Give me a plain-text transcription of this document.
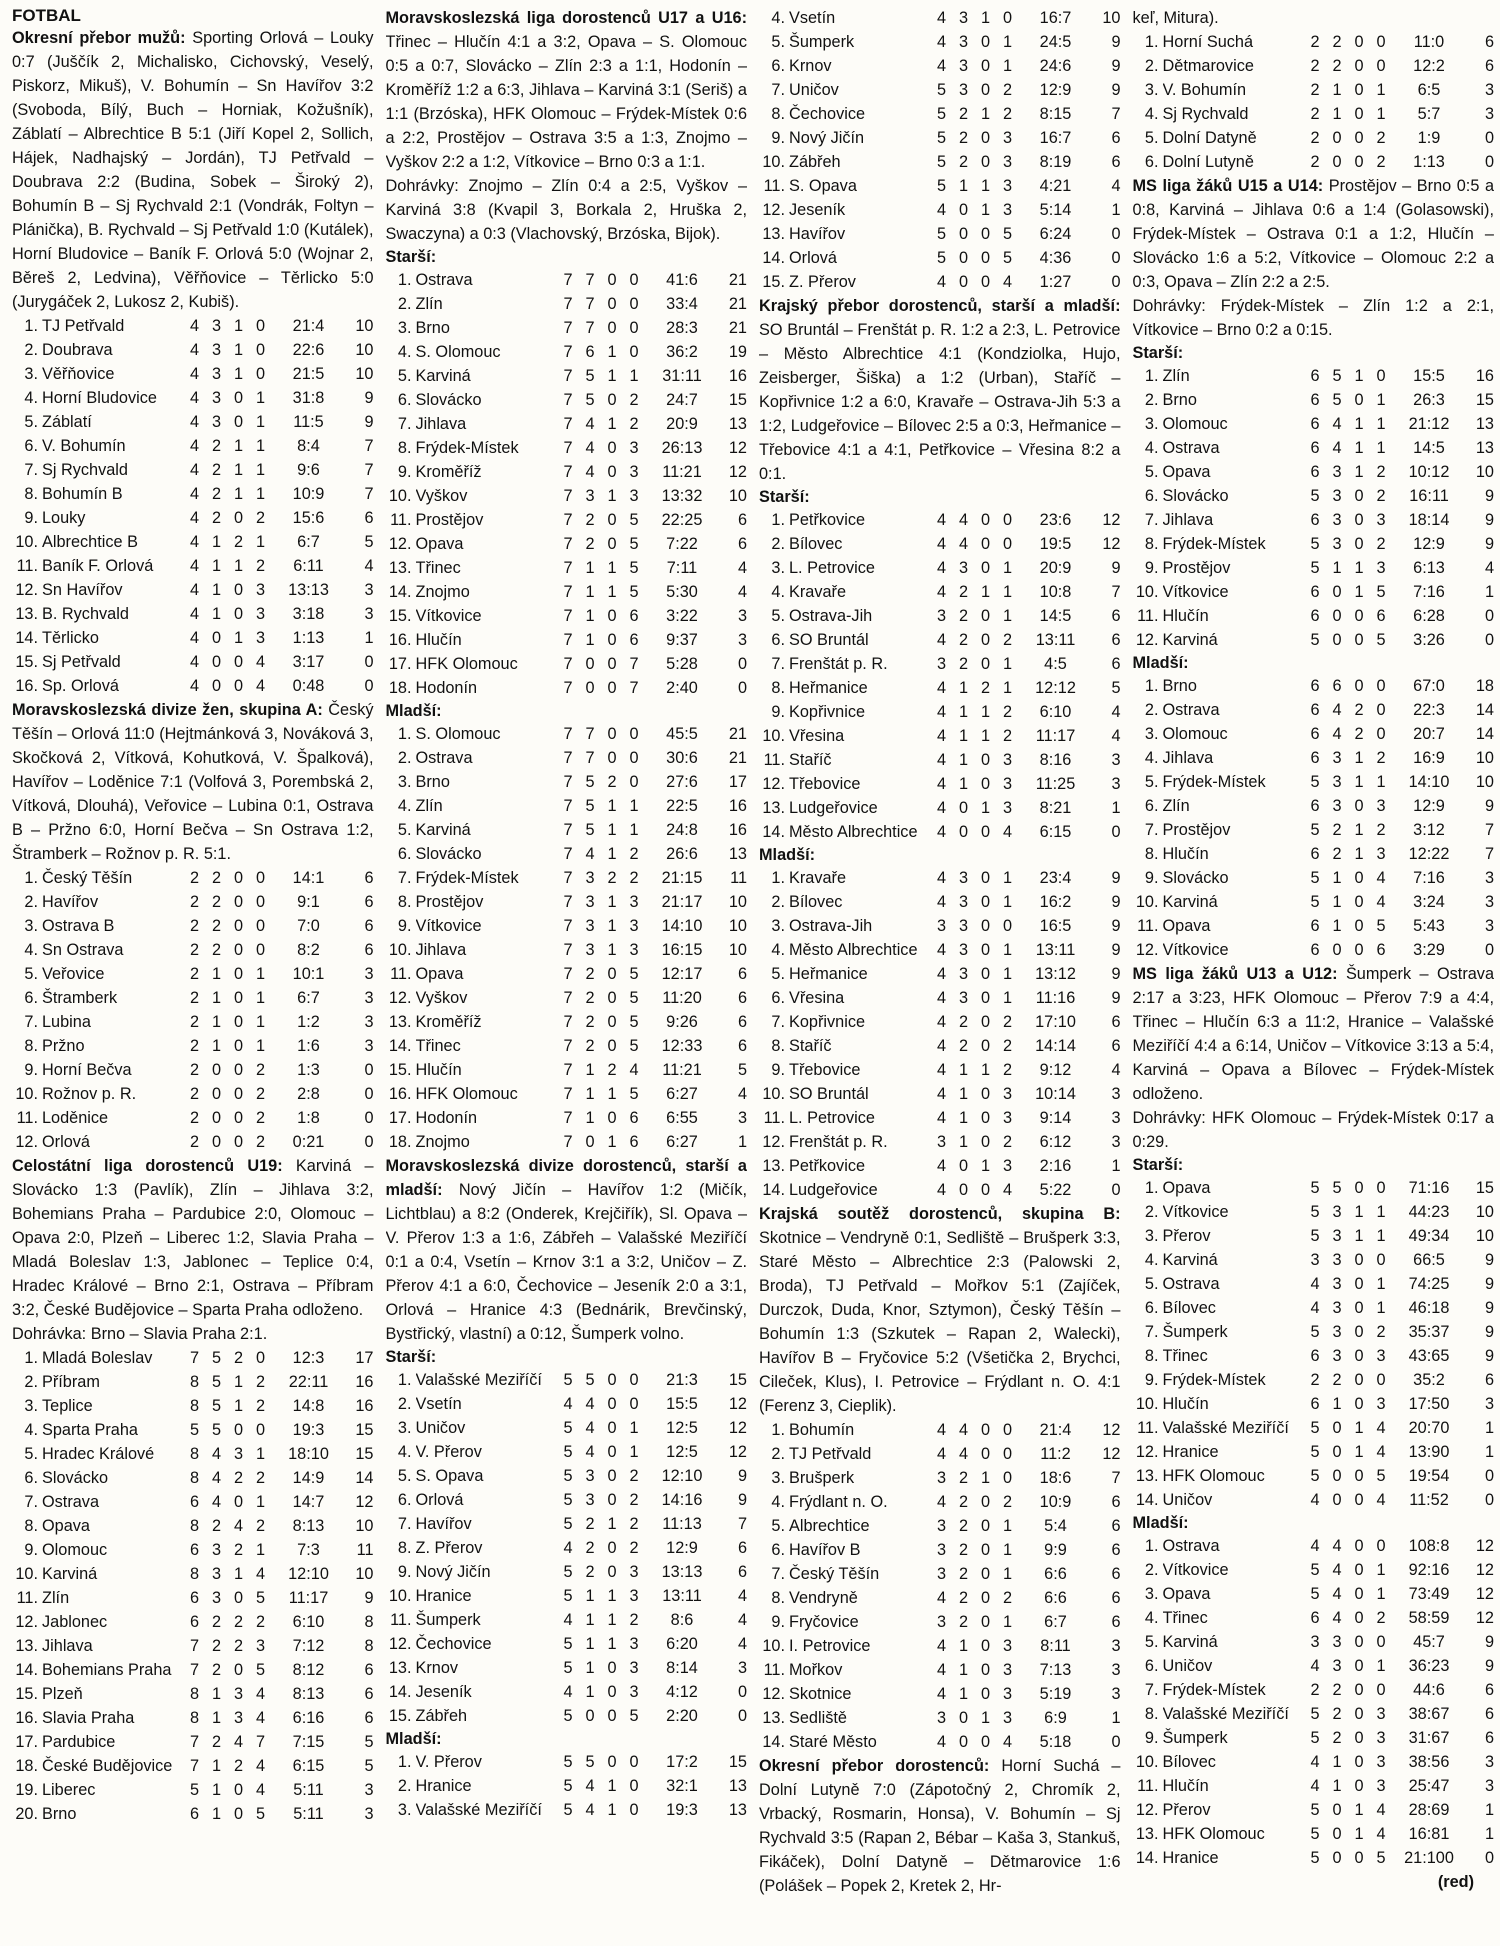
FOTBAL
Okresní přebor mužů: Sporting Orlová – Louky 0:7 (Juščík 2, Michalisko, Cichovský, Veselý, Piskorz, Mikuš), V. Bohumín – Sn Havířov 3:2 (Svoboda, Bílý, Buch – Horniak, Kožušník), Záblatí – Albrechtice B 5:1 (Jiří Kopel 2, Sollich, Hájek, Nadhajský – Jordán), TJ Petřvald – Doubrava 2:2 (Budina, Sobek – Široký 2), Bohumín B – Sj Rychvald 2:1 (Vondrák, Foltyn – Plánička), B. Rychvald – Sj Petřvald 1:0 (Kutálek), Horní Bludovice – Baník F. Orlová 5:0 (Wojnar 2, Běreš 2, Ledvina), Věřňovice – Těrlicko 5:0 (Jurygáček 2, Lukosz 2, Kubiš).
1.	TJ Petřvald	4	3	1	0	21:4	10
2.	Doubrava	4	3	1	0	22:6	10
3.	Věřňovice	4	3	1	0	21:5	10
4.	Horní Bludovice	4	3	0	1	31:8	9
5.	Záblatí	4	3	0	1	11:5	9
6.	V. Bohumín	4	2	1	1	8:4	7
7.	Sj Rychvald	4	2	1	1	9:6	7
8.	Bohumín B	4	2	1	1	10:9	7
9.	Louky	4	2	0	2	15:6	6
10.	Albrechtice B	4	1	2	1	6:7	5
11.	Baník F. Orlová	4	1	1	2	6:11	4
12.	Sn Havířov	4	1	0	3	13:13	3
13.	B. Rychvald	4	1	0	3	3:18	3
14.	Těrlicko	4	0	1	3	1:13	1
15.	Sj Petřvald	4	0	0	4	3:17	0
16.	Sp. Orlová	4	0	0	4	0:48	0
Moravskoslezská divize žen, skupina A: Český Těšín – Orlová 11:0 (Hejtmánková 3, Nováková 3, Skočková 2, Vítková, Kohutková, V. Špalková), Havířov – Loděnice 7:1 (Volfová 3, Porembská 2, Vítková, Dlouhá), Veřovice – Lubina 0:1, Ostrava B – Pržno 6:0, Horní Bečva – Sn Ostrava 1:2, Štramberk – Rožnov p. R. 5:1.
1.	Český Těšín	2	2	0	0	14:1	6
2.	Havířov	2	2	0	0	9:1	6
3.	Ostrava B	2	2	0	0	7:0	6
4.	Sn Ostrava	2	2	0	0	8:2	6
5.	Veřovice	2	1	0	1	10:1	3
6.	Štramberk	2	1	0	1	6:7	3
7.	Lubina	2	1	0	1	1:2	3
8.	Pržno	2	1	0	1	1:6	3
9.	Horní Bečva	2	0	0	2	1:3	0
10.	Rožnov p. R.	2	0	0	2	2:8	0
11.	Loděnice	2	0	0	2	1:8	0
12.	Orlová	2	0	0	2	0:21	0
Celostátní liga dorostenců U19: Karviná – Slovácko 1:3 (Pavlík), Zlín – Jihlava 3:2, Bohemians Praha – Pardubice 2:0, Olomouc – Opava 2:0, Plzeň – Liberec 1:2, Slavia Praha – Mladá Boleslav 1:3, Jablonec – Teplice 0:4, Hradec Králové – Brno 2:1, Ostrava – Příbram 3:2, České Budějovice – Sparta Praha odloženo.
Dohrávka: Brno – Slavia Praha 2:1.
1.	Mladá Boleslav	7	5	2	0	12:3	17
2.	Příbram	8	5	1	2	22:11	16
3.	Teplice	8	5	1	2	14:8	16
4.	Sparta Praha	5	5	0	0	19:3	15
5.	Hradec Králové	8	4	3	1	18:10	15
6.	Slovácko	8	4	2	2	14:9	14
7.	Ostrava	6	4	0	1	14:7	12
8.	Opava	8	2	4	2	8:13	10
9.	Olomouc	6	3	2	1	7:3	11
10.	Karviná	8	3	1	4	12:10	10
11.	Zlín	6	3	0	5	11:17	9
12.	Jablonec	6	2	2	2	6:10	8
13.	Jihlava	7	2	2	3	7:12	8
14.	Bohemians Praha	7	2	0	5	8:12	6
15.	Plzeň	8	1	3	4	8:13	6
16.	Slavia Praha	8	1	3	4	6:16	6
17.	Pardubice	7	2	4	7	7:15	5
18.	České Budějovice	7	1	2	4	6:15	5
19.	Liberec	5	1	0	4	5:11	3
20.	Brno	6	1	0	5	5:11	3
Moravskoslezská liga dorostenců U17 a U16: Třinec – Hlučín 4:1 a 3:2, Opava – S. Olomouc 0:5 a 0:7, Slovácko – Zlín 2:3 a 1:1, Hodonín – Kroměříž 1:2 a 6:3, Jihlava – Karviná 3:1 (Seriš) a 1:1 (Brzóska), HFK Olomouc – Frýdek-Místek 0:6 a 2:2, Prostějov – Ostrava 3:5 a 1:3, Znojmo – Vyškov 2:2 a 1:2, Vítkovice – Brno 0:3 a 1:1.
Dohrávky: Znojmo – Zlín 0:4 a 2:5, Vyškov – Karviná 3:8 (Kvapil 3, Borkala 2, Hruška 2, Swaczyna) a 0:3 (Vlachovský, Brzóska, Bijok).
Starší:
1.	Ostrava	7	7	0	0	41:6	21
2.	Zlín	7	7	0	0	33:4	21
3.	Brno	7	7	0	0	28:3	21
4.	S. Olomouc	7	6	1	0	36:2	19
5.	Karviná	7	5	1	1	31:11	16
6.	Slovácko	7	5	0	2	24:7	15
7.	Jihlava	7	4	1	2	20:9	13
8.	Frýdek-Místek	7	4	0	3	26:13	12
9.	Kroměříž	7	4	0	3	11:21	12
10.	Vyškov	7	3	1	3	13:32	10
11.	Prostějov	7	2	0	5	22:25	6
12.	Opava	7	2	0	5	7:22	6
13.	Třinec	7	1	1	5	7:11	4
14.	Znojmo	7	1	1	5	5:30	4
15.	Vítkovice	7	1	0	6	3:22	3
16.	Hlučín	7	1	0	6	9:37	3
17.	HFK Olomouc	7	0	0	7	5:28	0
18.	Hodonín	7	0	0	7	2:40	0
Mladší:
1.	S. Olomouc	7	7	0	0	45:5	21
2.	Ostrava	7	7	0	0	30:6	21
3.	Brno	7	5	2	0	27:6	17
4.	Zlín	7	5	1	1	22:5	16
5.	Karviná	7	5	1	1	24:8	16
6.	Slovácko	7	4	1	2	26:6	13
7.	Frýdek-Místek	7	3	2	2	21:15	11
8.	Prostějov	7	3	1	3	21:17	10
9.	Vítkovice	7	3	1	3	14:10	10
10.	Jihlava	7	3	1	3	16:15	10
11.	Opava	7	2	0	5	12:17	6
12.	Vyškov	7	2	0	5	11:20	6
13.	Kroměříž	7	2	0	5	9:26	6
14.	Třinec	7	2	0	5	12:33	6
15.	Hlučín	7	1	2	4	11:21	5
16.	HFK Olomouc	7	1	1	5	6:27	4
17.	Hodonín	7	1	0	6	6:55	3
18.	Znojmo	7	0	1	6	6:27	1
Moravskoslezská divize dorostenců, starší a mladší: Nový Jičín – Havířov 1:2 (Mičík, Lichtblau) a 8:2 (Onderek, Krejčiřík), Sl. Opava – V. Přerov 1:3 a 1:6, Zábřeh – Valašské Meziříčí 0:1 a 0:4, Vsetín – Krnov 3:1 a 3:2, Uničov – Z. Přerov 4:1 a 6:0, Čechovice – Jeseník 2:0 a 3:1, Orlová – Hranice 4:3 (Bednárik, Brevčinský, Bystřický, vlastní) a 0:12, Šumperk volno.
Starší:
1.	Valašské Meziříčí	5	5	0	0	21:3	15
2.	Vsetín	4	4	0	0	15:5	12
3.	Uničov	5	4	0	1	12:5	12
4.	V. Přerov	5	4	0	1	12:5	12
5.	S. Opava	5	3	0	2	12:10	9
6.	Orlová	5	3	0	2	14:16	9
7.	Havířov	5	2	1	2	11:13	7
8.	Z. Přerov	4	2	0	2	12:9	6
9.	Nový Jičín	5	2	0	3	13:13	6
10.	Hranice	5	1	1	3	13:11	4
11.	Šumperk	4	1	1	2	8:6	4
12.	Čechovice	5	1	1	3	6:20	4
13.	Krnov	5	1	0	3	8:14	3
14.	Jeseník	4	1	0	3	4:12	0
15.	Zábřeh	5	0	0	5	2:20	0
Mladší:
1.	V. Přerov	5	5	0	0	17:2	15
2.	Hranice	5	4	1	0	32:1	13
3.	Valašské Meziříčí	5	4	1	0	19:3	13
4.	Vsetín	4	3	1	0	16:7	10
5.	Šumperk	4	3	0	1	24:5	9
6.	Krnov	4	3	0	1	24:6	9
7.	Uničov	5	3	0	2	12:9	9
8.	Čechovice	5	2	1	2	8:15	7
9.	Nový Jičín	5	2	0	3	16:7	6
10.	Zábřeh	5	2	0	3	8:19	6
11.	S. Opava	5	1	1	3	4:21	4
12.	Jeseník	4	0	1	3	5:14	1
13.	Havířov	5	0	0	5	6:24	0
14.	Orlová	5	0	0	5	4:36	0
15.	Z. Přerov	4	0	0	4	1:27	0
Krajský přebor dorostenců, starší a mladší: SO Bruntál – Frenštát p. R. 1:2 a 2:3, L. Petrovice – Město Albrechtice 4:1 (Kondziolka, Hujo, Zeisberger, Šiška) a 1:2 (Urban), Staříč – Kopřivnice 1:2 a 6:0, Kravaře – Ostrava-Jih 5:3 a 1:2, Ludgeřovice – Bílovec 2:5 a 0:3, Heřmanice – Třebovice 4:1 a 4:1, Petřkovice – Vřesina 8:2 a 0:1.
Starší:
1.	Petřkovice	4	4	0	0	23:6	12
2.	Bílovec	4	4	0	0	19:5	12
3.	L. Petrovice	4	3	0	1	20:9	9
4.	Kravaře	4	2	1	1	10:8	7
5.	Ostrava-Jih	3	2	0	1	14:5	6
6.	SO Bruntál	4	2	0	2	13:11	6
7.	Frenštát p. R.	3	2	0	1	4:5	6
8.	Heřmanice	4	1	2	1	12:12	5
9.	Kopřivnice	4	1	1	2	6:10	4
10.	Vřesina	4	1	1	2	11:17	4
11.	Staříč	4	1	0	3	8:16	3
12.	Třebovice	4	1	0	3	11:25	3
13.	Ludgeřovice	4	0	1	3	8:21	1
14.	Město Albrechtice	4	0	0	4	6:15	0
Mladší:
1.	Kravaře	4	3	0	1	23:4	9
2.	Bílovec	4	3	0	1	16:2	9
3.	Ostrava-Jih	3	3	0	0	16:5	9
4.	Město Albrechtice	4	3	0	1	13:11	9
5.	Heřmanice	4	3	0	1	13:12	9
6.	Vřesina	4	3	0	1	11:16	9
7.	Kopřivnice	4	2	0	2	17:10	6
8.	Staříč	4	2	0	2	14:14	6
9.	Třebovice	4	1	1	2	9:12	4
10.	SO Bruntál	4	1	0	3	10:14	3
11.	L. Petrovice	4	1	0	3	9:14	3
12.	Frenštát p. R.	3	1	0	2	6:12	3
13.	Petřkovice	4	0	1	3	2:16	1
14.	Ludgeřovice	4	0	0	4	5:22	0
Krajská soutěž dorostenců, skupina B: Skotnice – Vendryně 0:1, Sedliště – Brušperk 3:3, Staré Město – Albrechtice 2:3 (Palowski 2, Broda), TJ Petřvald – Mořkov 5:1 (Zajíček, Durczok, Duda, Knor, Sztymon), Český Těšín – Bohumín 1:3 (Szkutek – Rapan 2, Walecki), Havířov B – Fryčovice 5:2 (Všetička 2, Brychci, Cileček, Klus), I. Petrovice – Frýdlant n. O. 4:1 (Ferenz 3, Cieplik).
1.	Bohumín	4	4	0	0	21:4	12
2.	TJ Petřvald	4	4	0	0	11:2	12
3.	Brušperk	3	2	1	0	18:6	7
4.	Frýdlant n. O.	4	2	0	2	10:9	6
5.	Albrechtice	3	2	0	1	5:4	6
6.	Havířov B	3	2	0	1	9:9	6
7.	Český Těšín	3	2	0	1	6:6	6
8.	Vendryně	4	2	0	2	6:6	6
9.	Fryčovice	3	2	0	1	6:7	6
10.	I. Petrovice	4	1	0	3	8:11	3
11.	Mořkov	4	1	0	3	7:13	3
12.	Skotnice	4	1	0	3	5:19	3
13.	Sedliště	3	0	1	3	6:9	1
14.	Staré Město	4	0	0	4	5:18	0
Okresní přebor dorostenců: Horní Suchá – Dolní Lutyně 7:0 (Zápotočný 2, Chromík 2, Vrbacký, Rosmarin, Honsa), V. Bohumín – Sj Rychvald 3:5 (Rapan 2, Bébar – Kaša 3, Stankuš, Fikáček), Dolní Datyně – Dětmarovice 1:6 (Polášek – Popek 2, Kretek 2, Hr-
keľ, Mitura).
1.	Horní Suchá	2	2	0	0	11:0	6
2.	Dětmarovice	2	2	0	0	12:2	6
3.	V. Bohumín	2	1	0	1	6:5	3
4.	Sj Rychvald	2	1	0	1	5:7	3
5.	Dolní Datyně	2	0	0	2	1:9	0
6.	Dolní Lutyně	2	0	0	2	1:13	0
MS liga žáků U15 a U14: Prostějov – Brno 0:5 a 0:8, Karviná – Jihlava 0:6 a 1:4 (Golasowski), Frýdek-Místek – Ostrava 0:1 a 1:2, Hlučín – Slovácko 1:6 a 5:2, Vítkovice – Olomouc 2:2 a 0:3, Opava – Zlín 2:2 a 2:5.
Dohrávky: Frýdek-Místek – Zlín 1:2 a 2:1, Vítkovice – Brno 0:2 a 0:15.
Starší:
1.	Zlín	6	5	1	0	15:5	16
2.	Brno	6	5	0	1	26:3	15
3.	Olomouc	6	4	1	1	21:12	13
4.	Ostrava	6	4	1	1	14:5	13
5.	Opava	6	3	1	2	10:12	10
6.	Slovácko	5	3	0	2	16:11	9
7.	Jihlava	6	3	0	3	18:14	9
8.	Frýdek-Místek	5	3	0	2	12:9	9
9.	Prostějov	5	1	1	3	6:13	4
10.	Vítkovice	6	0	1	5	7:16	1
11.	Hlučín	6	0	0	6	6:28	0
12.	Karviná	5	0	0	5	3:26	0
Mladší:
1.	Brno	6	6	0	0	67:0	18
2.	Ostrava	6	4	2	0	22:3	14
3.	Olomouc	6	4	2	0	20:7	14
4.	Jihlava	6	3	1	2	16:9	10
5.	Frýdek-Místek	5	3	1	1	14:10	10
6.	Zlín	6	3	0	3	12:9	9
7.	Prostějov	5	2	1	2	3:12	7
8.	Hlučín	6	2	1	3	12:22	7
9.	Slovácko	5	1	0	4	7:16	3
10.	Karviná	5	1	0	4	3:24	3
11.	Opava	6	1	0	5	5:43	3
12.	Vítkovice	6	0	0	6	3:29	0
MS liga žáků U13 a U12: Šumperk – Ostrava 2:17 a 3:23, HFK Olomouc – Přerov 7:9 a 4:4, Třinec – Hlučín 6:3 a 11:2, Hranice – Valašské Meziříčí 4:4 a 6:14, Uničov – Vítkovice 3:13 a 5:4, Karviná – Opava a Bílovec – Frýdek-Místek odloženo.
Dohrávky: HFK Olomouc – Frýdek-Místek 0:17 a 0:29.
Starší:
1.	Opava	5	5	0	0	71:16	15
2.	Vítkovice	5	3	1	1	44:23	10
3.	Přerov	5	3	1	1	49:34	10
4.	Karviná	3	3	0	0	66:5	9
5.	Ostrava	4	3	0	1	74:25	9
6.	Bílovec	4	3	0	1	46:18	9
7.	Šumperk	5	3	0	2	35:37	9
8.	Třinec	6	3	0	3	43:65	9
9.	Frýdek-Místek	2	2	0	0	35:2	6
10.	Hlučín	6	1	0	3	17:50	3
11.	Valašské Meziříčí	5	0	1	4	20:70	1
12.	Hranice	5	0	1	4	13:90	1
13.	HFK Olomouc	5	0	0	5	19:54	0
14.	Uničov	4	0	0	4	11:52	0
Mladší:
1.	Ostrava	4	4	0	0	108:8	12
2.	Vítkovice	5	4	0	1	92:16	12
3.	Opava	5	4	0	1	73:49	12
4.	Třinec	6	4	0	2	58:59	12
5.	Karviná	3	3	0	0	45:7	9
6.	Uničov	4	3	0	1	36:23	9
7.	Frýdek-Místek	2	2	0	0	44:6	6
8.	Valašské Meziříčí	5	2	0	3	38:67	6
9.	Šumperk	5	2	0	3	31:67	6
10.	Bílovec	4	1	0	3	38:56	3
11.	Hlučín	4	1	0	3	25:47	3
12.	Přerov	5	0	1	4	28:69	1
13.	HFK Olomouc	5	0	1	4	16:81	1
14.	Hranice	5	0	0	5	21:100	0
(red)
